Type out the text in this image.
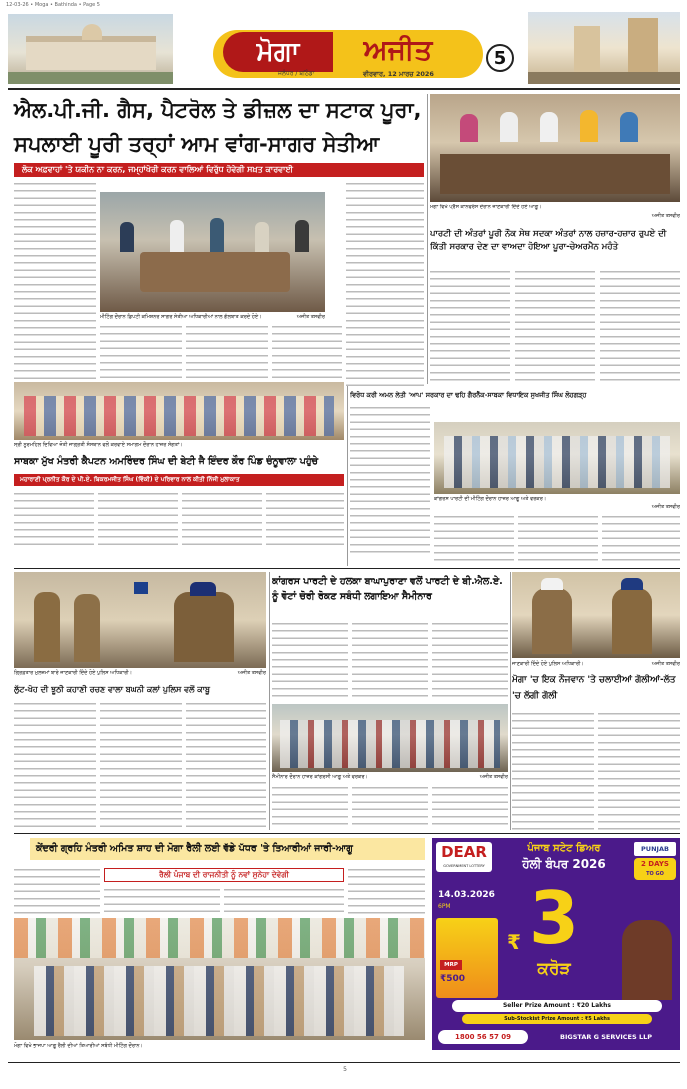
12-03-26 • Moga • Bathinda • Page 5
ਮੋਗਾ	ਅਜੀਤ
ਜਲੰਧਰ / ਬਠਿੰਡਾ	ਵੀਰਵਾਰ, 12 ਮਾਰਚ 2026
5
ਐਲ.ਪੀ.ਜੀ. ਗੈਸ, ਪੈਟਰੋਲ ਤੇ ਡੀਜ਼ਲ ਦਾ ਸਟਾਕ ਪੂਰਾ,
ਸਪਲਾਈ ਪੂਰੀ ਤਰ੍ਹਾਂ ਆਮ ਵਾਂਗ-ਸਾਗਰ ਸੇਤੀਆ
ਲੋਕ ਅਫ਼ਵਾਹਾਂ 'ਤੇ ਯਕੀਨ ਨਾ ਕਰਨ, ਜਮ੍ਹਾਂਖੋਰੀ ਕਰਨ ਵਾਲਿਆਂ ਵਿਰੁੱਧ ਹੋਵੇਗੀ ਸਖ਼ਤ ਕਾਰਵਾਈ
ਮੀਟਿੰਗ ਦੌਰਾਨ ਡਿਪਟੀ ਕਮਿਸ਼ਨਰ ਸਾਗਰ ਸੇਤੀਆ ਅਧਿਕਾਰੀਆਂ ਨਾਲ ਗੱਲਬਾਤ ਕਰਦੇ ਹੋਏ।	ਅਜੀਤ ਤਸਵੀਰ
ਮੋਗਾ ਵਿਖੇ ਪ੍ਰੈੱਸ ਕਾਨਫਰੰਸ ਦੌਰਾਨ ਜਾਣਕਾਰੀ ਦਿੰਦੇ ਹੋਏ ਆਗੂ।
ਅਜੀਤ ਤਸਵੀਰ
ਪਾਰਟੀ ਦੀ ਅੰਤਰਾਂ ਪੂਰੀ ਨੌਕ ਸੇਥ ਸਦਕਾ ਅੰਤਰਾਂ ਨਾਲ ਹਜ਼ਾਰ-ਹਜ਼ਾਰ ਰੁਪਏ ਦੀ ਕਿੱਤੀ ਸਰਕਾਰ ਦੇਣ ਦਾ ਵਾਅਦਾ ਹੋਇਆ ਪੂਰਾ-ਚੇਅਰਮੈਨ ਮਹੰਤੇ
ਸ੍ਰੀ ਨੂਰਮਹਿਲ ਦਿਵਿਆ ਜੋਤੀ ਜਾਗ੍ਰਤੀ ਸੰਸਥਾਨ ਵਲੋਂ ਕਰਵਾਏ ਸਮਾਗਮ ਦੌਰਾਨ ਹਾਜ਼ਰ ਸੰਗਤਾਂ।
ਸਾਬਕਾ ਮੁੱਖ ਮੰਤਰੀ ਕੈਪਟਨ ਅਮਰਿੰਦਰ ਸਿੰਘ ਦੀ ਬੇਟੀ ਜੈ ਇੰਦਰ ਕੌਰ ਪਿੰਡ ਚੰਨੂਵਾਲਾ ਪਹੁੰਚੇ
ਮਹਾਰਾਣੀ ਪ੍ਰਨੀਤ ਕੌਰ ਦੇ ਪੀ.ਏ. ਬਿਕਰਮਜੀਤ ਸਿੰਘ (ਵਿੱਕੀ) ਦੇ ਪਰਿਵਾਰ ਨਾਲ ਕੀਤੀ ਨਿੱਜੀ ਮੁਲਾਕਾਤ
ਵਿਰੋਧ ਕਰੀ ਅਮਨ ਲੇਤੀ 'ਆਪ' ਸਰਕਾਰ ਦਾ ਢਹਿ ਗੈਰਨੈੱਕ-ਸਾਬਕਾ ਵਿਧਾਇਕ ਸੁਖਜੀਤ ਸਿੰਘ ਲੋਹਗੜ੍ਹ
ਕਾਂਗਰਸ ਪਾਰਟੀ ਦੀ ਮੀਟਿੰਗ ਦੌਰਾਨ ਹਾਜ਼ਰ ਆਗੂ ਅਤੇ ਵਰਕਰ।
ਅਜੀਤ ਤਸਵੀਰ
ਗ੍ਰਿਫ਼ਤਾਰ ਮੁਲਜ਼ਮਾਂ ਬਾਰੇ ਜਾਣਕਾਰੀ ਦਿੰਦੇ ਹੋਏ ਪੁਲਿਸ ਅਧਿਕਾਰੀ।	ਅਜੀਤ ਤਸਵੀਰ
ਲੁੱਟ-ਖੋਹ ਦੀ ਝੂਠੀ ਕਹਾਣੀ ਰਚਣ ਵਾਲਾ ਬਘਨੀ ਕਲਾਂ ਪੁਲਿਸ ਵਲੋਂ ਕਾਬੂ
ਕਾਂਗਰਸ ਪਾਰਟੀ ਦੇ ਹਲਕਾ ਬਾਘਾਪੁਰਾਣਾ ਵਲੋਂ ਪਾਰਟੀ ਦੇ ਬੀ.ਐਲ.ਏ. ਨੂੰ ਵੋਟਾਂ ਚੋਰੀ ਰੋਕਣ ਸਬੰਧੀ ਲਗਾਇਆ ਸੈਮੀਨਾਰ
ਸੈਮੀਨਾਰ ਦੌਰਾਨ ਹਾਜ਼ਰ ਕਾਂਗਰਸੀ ਆਗੂ ਅਤੇ ਵਰਕਰ।	ਅਜੀਤ ਤਸਵੀਰ
ਜਾਣਕਾਰੀ ਦਿੰਦੇ ਹੋਏ ਪੁਲਿਸ ਅਧਿਕਾਰੀ।	ਅਜੀਤ ਤਸਵੀਰ
ਮੋਗਾ 'ਚ ਇਕ ਨੌਜਵਾਨ 'ਤੇ ਚਲਾਈਆਂ ਗੋਲੀਆਂ-ਲੱਤ 'ਚ ਲੱਗੀ ਗੋਲੀ
ਕੇਂਦਰੀ ਗ੍ਰਹਿ ਮੰਤਰੀ ਅਮਿਤ ਸ਼ਾਹ ਦੀ ਮੋਗਾ ਰੈਲੀ ਲਈ ਵੱਡੇ ਪੱਧਰ 'ਤੇ ਤਿਆਰੀਆਂ ਜਾਰੀ-ਆਗੂ
ਰੈਲੀ ਪੰਜਾਬ ਦੀ ਰਾਜਨੀਤੀ ਨੂੰ ਨਵਾਂ ਸੁਨੇਹਾ ਦੇਵੇਗੀ
ਮੋਗਾ ਵਿਖੇ ਭਾਜਪਾ ਆਗੂ ਰੈਲੀ ਦੀਆਂ ਤਿਆਰੀਆਂ ਸਬੰਧੀ ਮੀਟਿੰਗ ਦੌਰਾਨ।
DEAR
GOVERNMENT LOTTERY
ਪੰਜਾਬ ਸਟੇਟ ਡਿਅਰ
ਹੋਲੀ ਬੰਪਰ 2026
PUNJAB
2 DAYS
TO GO
14.03.2026
6PM
₹ 3
ਕਰੋੜ
MRP
₹500
Seller Prize Amount : ₹20 Lakhs
Sub-Stockist Prize Amount : ₹5 Lakhs
1800 56 57 09	BIGSTAR G SERVICES LLP
5
